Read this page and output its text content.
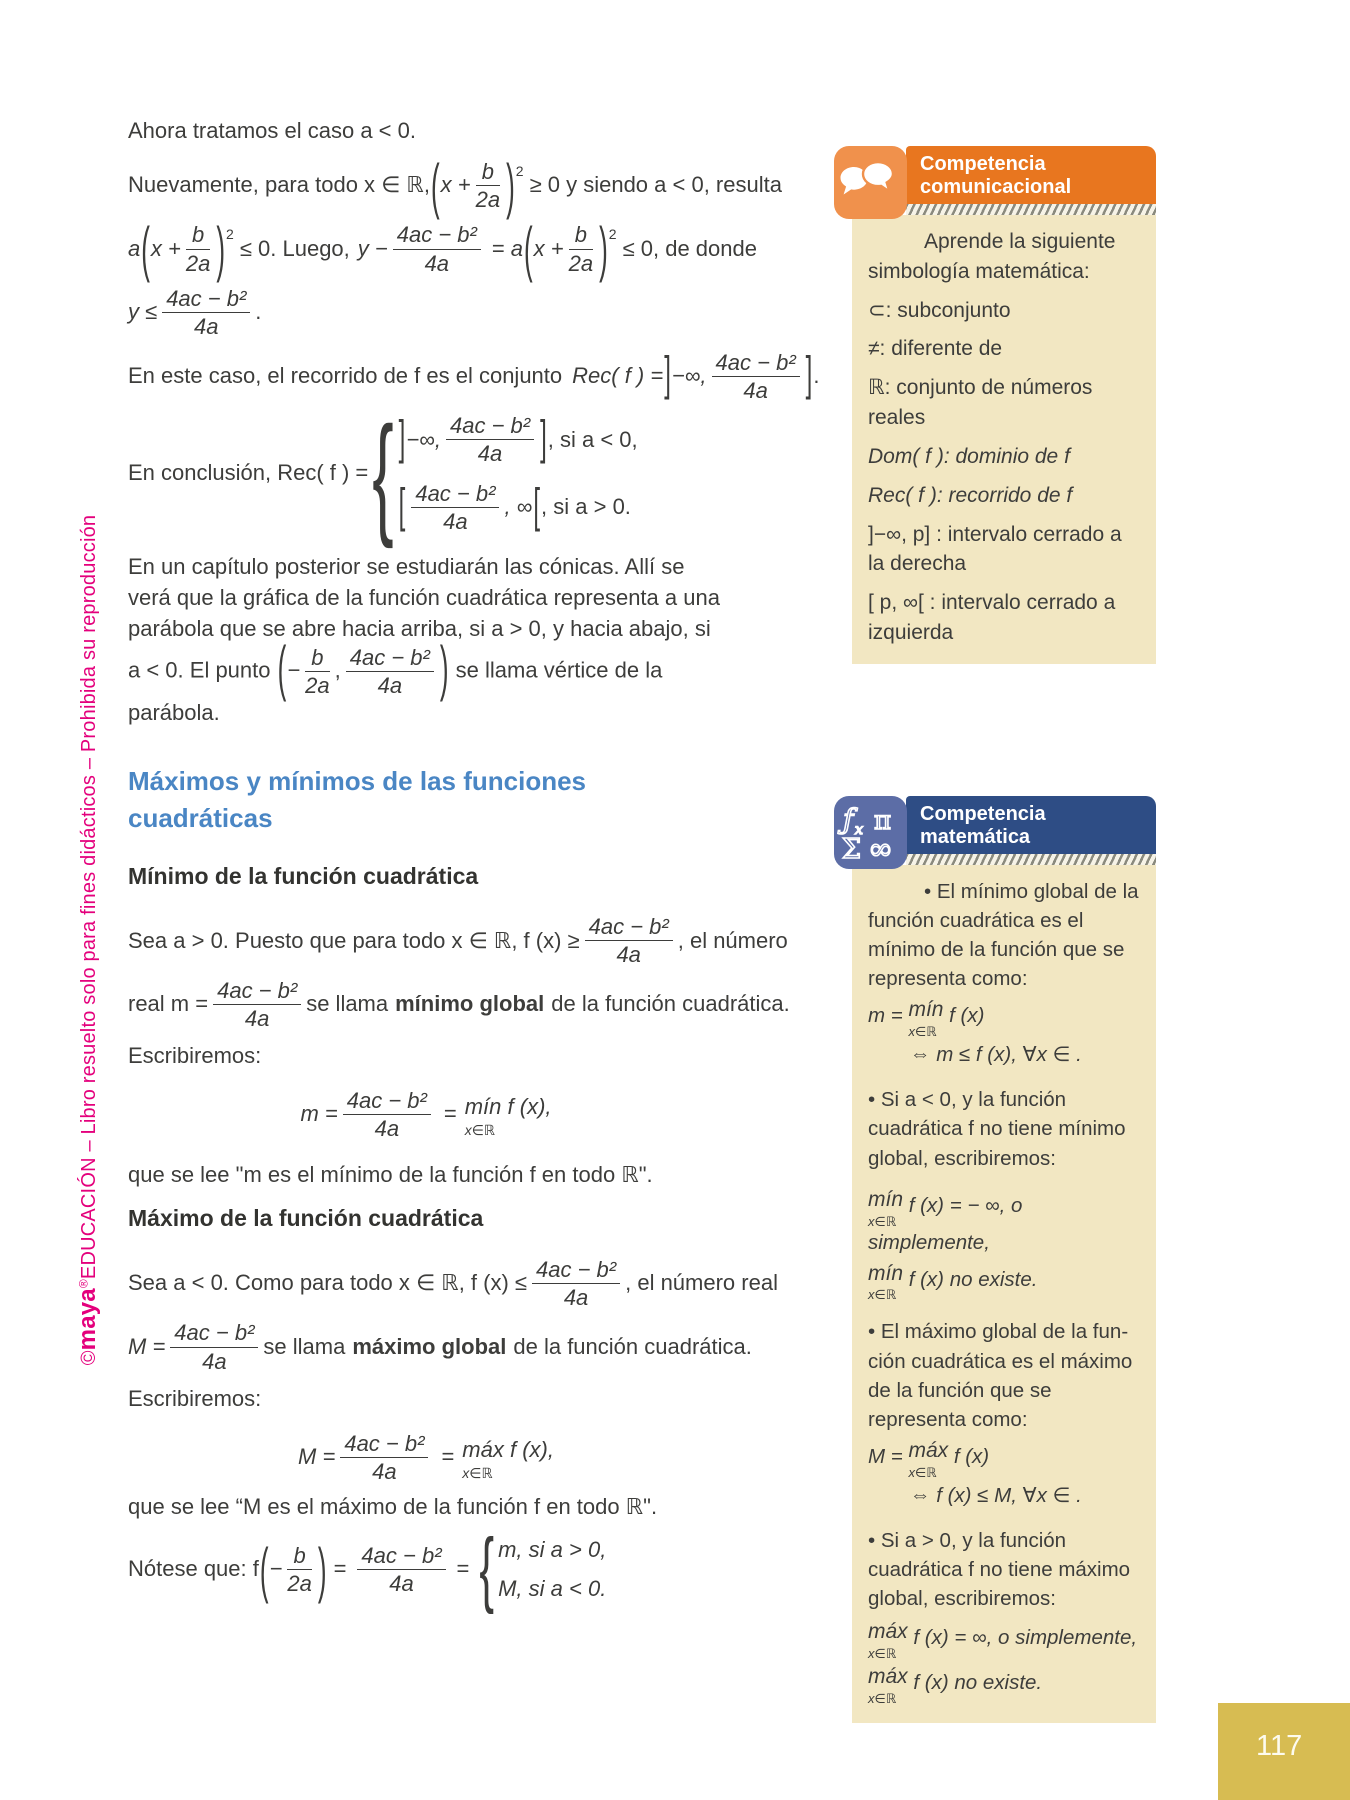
©maya®EDUCACIÓN – Libro resuelto solo para fines didácticos – Prohibida su reproducción

Ahora tratamos el caso a < 0.

Nuevamente, para todo x ∈ ℝ, ( $x + \frac{b}{2a} )^2$
≥ 0 y siendo a < 0, resulta
a ( $x + \frac{b}{2a} )^2$
≤ 0. Luego, $y - \frac{\text{4ac − b²}}{4a} = a$ ( $x + \frac{b}{2a} )^2$
≤ 0, de donde
$y \le \frac{\text{4ac − b²}}{4a}$ .
En este caso, el recorrido de f es el conjunto Rec( f ) = ] −∞,
4ac − b²
4a	] .
En conclusión, Rec( f ) = { ] −∞,
4ac − b²
4a	] , si a < 0,
[ 4ac − b²
4a
, ∞ [ , si a > 0.

En un capítulo posterior se estudiarán las cónicas. Allí se verá que la gráfica de la función cuadrática representa a una parábola que se abre hacia arriba, si a > 0, y hacia abajo, si a < 0. El punto (− $\frac{b}{2a}$ , $\frac{\text{4ac − b²}}{4a}$ ) se llama vértice de la parábola.

Máximos y mínimos de las funciones cuadráticas
Mínimo de la función cuadrática
Sea a > 0. Puesto que para todo x ∈ ℝ, f $(x) \ge \frac{\text{4ac − b²}}{4a}$ , el número
real $m = \frac{\text{4ac − b²}}{4a}$ se llama mínimo global de la función cuadrática.

Escribiremos:

$m = \frac{\text{4ac − b²}}{4a}$ = mín f (x),
x∈ℝ

que se lee "m es el mínimo de la función f en todo ℝ".

Máximo de la función cuadrática
Sea a < 0. Como para todo x ∈ ℝ, f $(x) \le \frac{\text{4ac − b²}}{4a}$ , el número real
$M = \frac{\text{4ac − b²}}{4a}$ se llama máximo global de la función cuadrática.

Escribiremos:

$M = \frac{\text{4ac − b²}}{4a}$ = máx f (x),
x∈ℝ

que se lee “M es el máximo de la función f en todo ℝ".

Nótese que: f ( − $\frac{b}{2a}$ ) = $\frac{\text{4ac − b²}}{4a}$ = { m, si a > 0,
M, si a < 0.
Competencia
comunicacional

Aprende la siguiente simbología matemática:

⊂: subconjunto

≠: diferente de

ℝ: conjunto de números reales

Dom( f ): dominio de f

Rec( f ): recorrido de f

]−∞, p] : intervalo cerrado a la derecha

[ p, ∞[ : intervalo cerrado a izquierda

ƒ x π
Σ ∞
Competencia
matemática

• El mínimo global de la función cuadrática es el mínimo de la función que se representa como:

m = mín
x∈ℝ
f (x)

⇔ m ≤ f (x), ∀x ∈ .

• Si a < 0, y la función cuadrática f no tiene mínimo global, escribiremos:

mín
x∈ℝ
f (x) = − ∞, o simplemente,
mín
x∈ℝ
f (x) no existe.

• El máximo global de la función cuadrática es el máximo de la función que se representa como:

M = máx
x∈ℝ
f (x)

⇔ f (x) ≤ M, ∀x ∈ .

• Si a > 0, y la función cuadrática f no tiene máximo global, escribiremos:

máx
x∈ℝ
f (x) = ∞, o simplemente,
máx
x∈ℝ
f (x) no existe.
117
